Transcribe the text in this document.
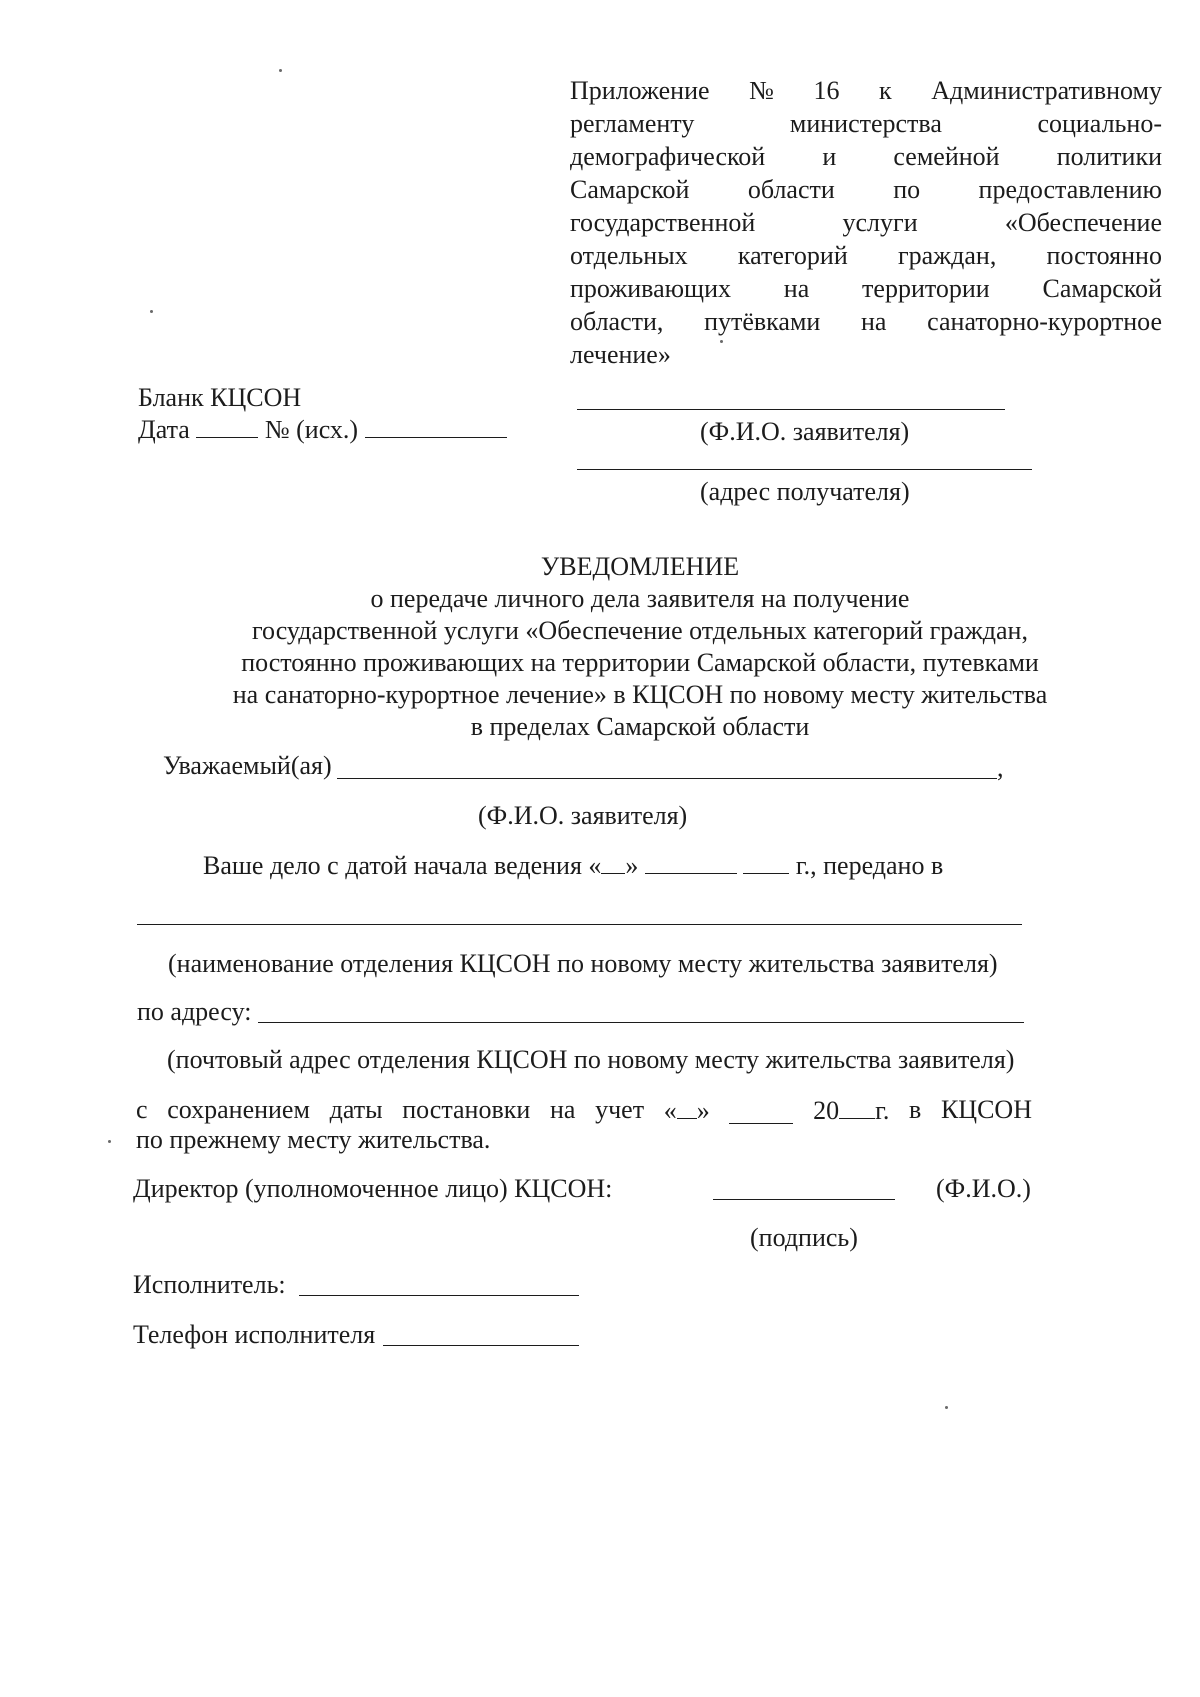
Приложение № 16 к Административному
регламенту	министерства	социально-
демографической и семейной политики
Самарской области по предоставлению
государственной	услуги	«Обеспечение
отдельных категорий граждан, постоянно
проживающих на территории Самарской
области, путёвками на санаторно-курортное
лечение»
Бланк КЦСОН
Дата	№ (исх.)	(Ф.И.О. заявителя)
(адрес получателя)
УВЕДОМЛЕНИЕ
о передаче личного дела заявителя на получение
государственной услуги «Обеспечение отдельных категорий граждан,
постоянно проживающих на территории Самарской области, путевками
на санаторно-курортное лечение» в КЦСОН по новому месту жительства
в пределах Самарской области
Уважаемый(ая)	,
(Ф.И.О. заявителя)
Ваше дело с датой начала ведения « »	г., передано в
(наименование отделения КЦСОН по новому месту жительства заявителя)
по адресу:
(почтовый адрес отделения КЦСОН по новому месту жительства заявителя)
с сохранением даты постановки на учет « »	20 г. в КЦСОН
по прежнему месту жительства.
Директор (уполномоченное лицо) КЦСОН:	(Ф.И.О.)
(подпись)
Исполнитель:
Телефон исполнителя
